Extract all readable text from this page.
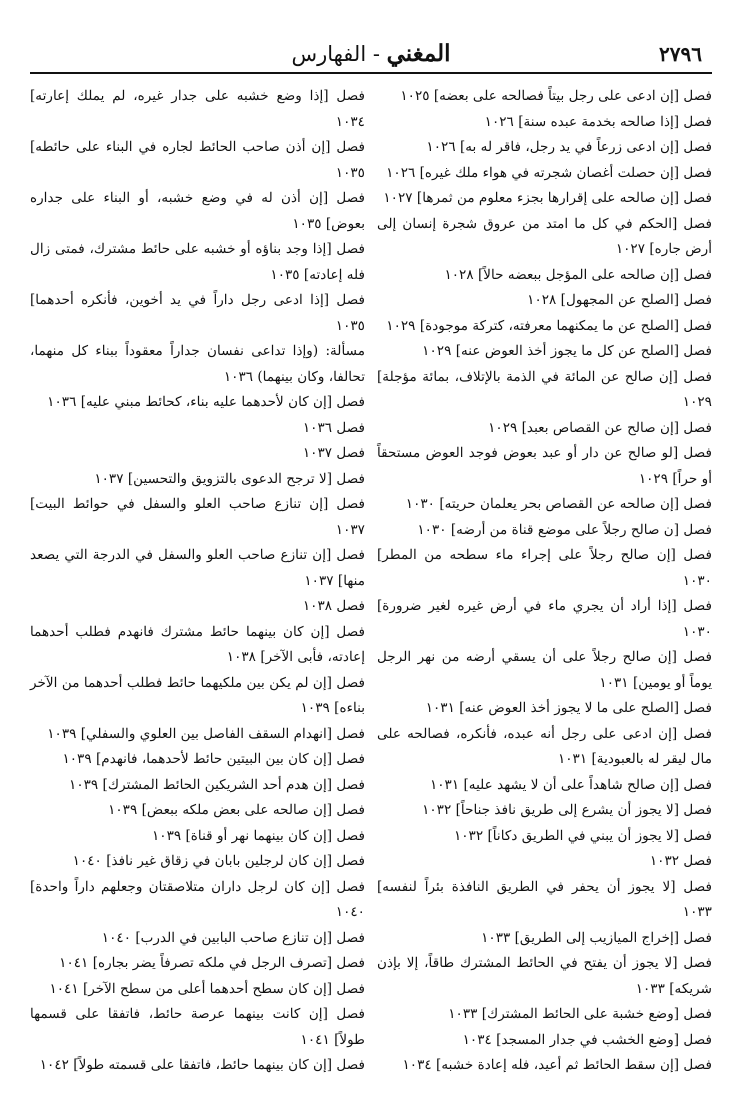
٢٧٩٦
المغني - الفهارس
فصل [إن ادعى على رجل بيتاً فصالحه على بعضه] ١٠٢٥
فصل [إذا صالحه بخدمة عبده سنة] ١٠٢٦
فصل [إن ادعى زرعاً في يد رجل، فاقر له به] ١٠٢٦
فصل [إن حصلت أغصان شجرته في هواء ملك غيره] ١٠٢٦
فصل [إن صالحه على إقرارها بجزء معلوم من ثمرها] ١٠٢٧
فصل [الحكم في كل ما امتد من عروق شجرة إنسان إلى أرض جاره] ١٠٢٧
فصل [إن صالحه على المؤجل ببعضه حالاً] ١٠٢٨
فصل [الصلح عن المجهول] ١٠٢٨
فصل [الصلح عن ما يمكنهما معرفته، كتركة موجودة] ١٠٢٩
فصل [الصلح عن كل ما يجوز أخذ العوض عنه] ١٠٢٩
فصل [إن صالح عن المائة في الذمة بالإتلاف، بمائة مؤجلة] ١٠٢٩
فصل [إن صالح عن القصاص بعبد] ١٠٢٩
فصل [لو صالح عن دار أو عبد بعوض فوجد العوض مستحقاً أو حراً] ١٠٢٩
فصل [إن صالحه عن القصاص بحر يعلمان حريته] ١٠٣٠
فصل [ن صالح رجلاً على موضع قناة من أرضه] ١٠٣٠
فصل [إن صالح رجلاً على إجراء ماء سطحه من المطر] ١٠٣٠
فصل [إذا أراد أن يجري ماء في أرض غيره لغير ضرورة] ١٠٣٠
فصل [إن صالح رجلاً على أن يسقي أرضه من نهر الرجل يوماً أو يومين] ١٠٣١
فصل [الصلح على ما لا يجوز أخذ العوض عنه] ١٠٣١
فصل [إن ادعى على رجل أنه عبده، فأنكره، فصالحه على مال ليقر له بالعبودية] ١٠٣١
فصل [إن صالح شاهداً على أن لا يشهد عليه] ١٠٣١
فصل [لا يجوز أن يشرع إلى طريق نافذ جناحاً] ١٠٣٢
فصل [لا يجوز أن يبني في الطريق دكاناً] ١٠٣٢
فصل ١٠٣٢
فصل [لا يجوز أن يحفر في الطريق النافذة بئراً لنفسه] ١٠٣٣
فصل [إخراج الميازيب إلى الطريق] ١٠٣٣
فصل [لا يجوز أن يفتح في الحائط المشترك طاقاً، إلا بإذن شريكه] ١٠٣٣
فصل [وضع خشبة على الحائط المشترك] ١٠٣٣
فصل [وضع الخشب في جدار المسجد] ١٠٣٤
فصل [إن سقط الحائط ثم أعيد، فله إعادة خشبه] ١٠٣٤
فصل [إذا وضع خشبه على جدار غيره، لم يملك إعارته] ١٠٣٤
فصل [إن أذن صاحب الحائط لجاره في البناء على حائطه] ١٠٣٥
فصل [إن أذن له في وضع خشبه، أو البناء على جداره بعوض] ١٠٣٥
فصل [إذا وجد بناؤه أو خشبه على حائط مشترك، فمتى زال فله إعادته] ١٠٣٥
فصل [إذا ادعى رجل داراً في يد أخوين، فأنكره أحدهما] ١٠٣٥
مسألة: (وإذا تداعى نفسان جداراً معقوداً ببناء كل منهما، تحالفا، وكان بينهما) ١٠٣٦
فصل [إن كان لأحدهما عليه بناء، كحائط مبني عليه] ١٠٣٦
فصل ١٠٣٦
فصل ١٠٣٧
فصل [لا ترجح الدعوى بالتزويق والتحسين] ١٠٣٧
فصل [إن تنازع صاحب العلو والسفل في حوائط البيت] ١٠٣٧
فصل [إن تنازع صاحب العلو والسفل في الدرجة التي يصعد منها] ١٠٣٧
فصل ١٠٣٨
فصل [إن كان بينهما حائط مشترك فانهدم فطلب أحدهما إعادته، فأبى الآخر] ١٠٣٨
فصل [إن لم يكن بين ملكيهما حائط فطلب أحدهما من الآخر بناءه] ١٠٣٩
فصل [انهدام السقف الفاصل بين العلوي والسفلي] ١٠٣٩
فصل [إن كان بين البيتين حائط لأحدهما، فانهدم] ١٠٣٩
فصل [إن هدم أحد الشريكين الحائط المشترك] ١٠٣٩
فصل [إن صالحه على بعض ملكه ببعض] ١٠٣٩
فصل [إن كان بينهما نهر أو قناة] ١٠٣٩
فصل [إن كان لرجلين بابان في زقاق غير نافذ] ١٠٤٠
فصل [إن كان لرجل داران متلاصقتان وجعلهم داراً واحدة] ١٠٤٠
فصل [إن تنازع صاحب البابين في الدرب] ١٠٤٠
فصل [تصرف الرجل في ملكه تصرفاً يضر بجاره] ١٠٤١
فصل [إن كان سطح أحدهما أعلى من سطح الآخر] ١٠٤١
فصل [إن كانت بينهما عرصة حائط، فاتفقا على قسمها طولاً] ١٠٤١
فصل [إن كان بينهما حائط، فاتفقا على قسمته طولاً] ١٠٤٢
